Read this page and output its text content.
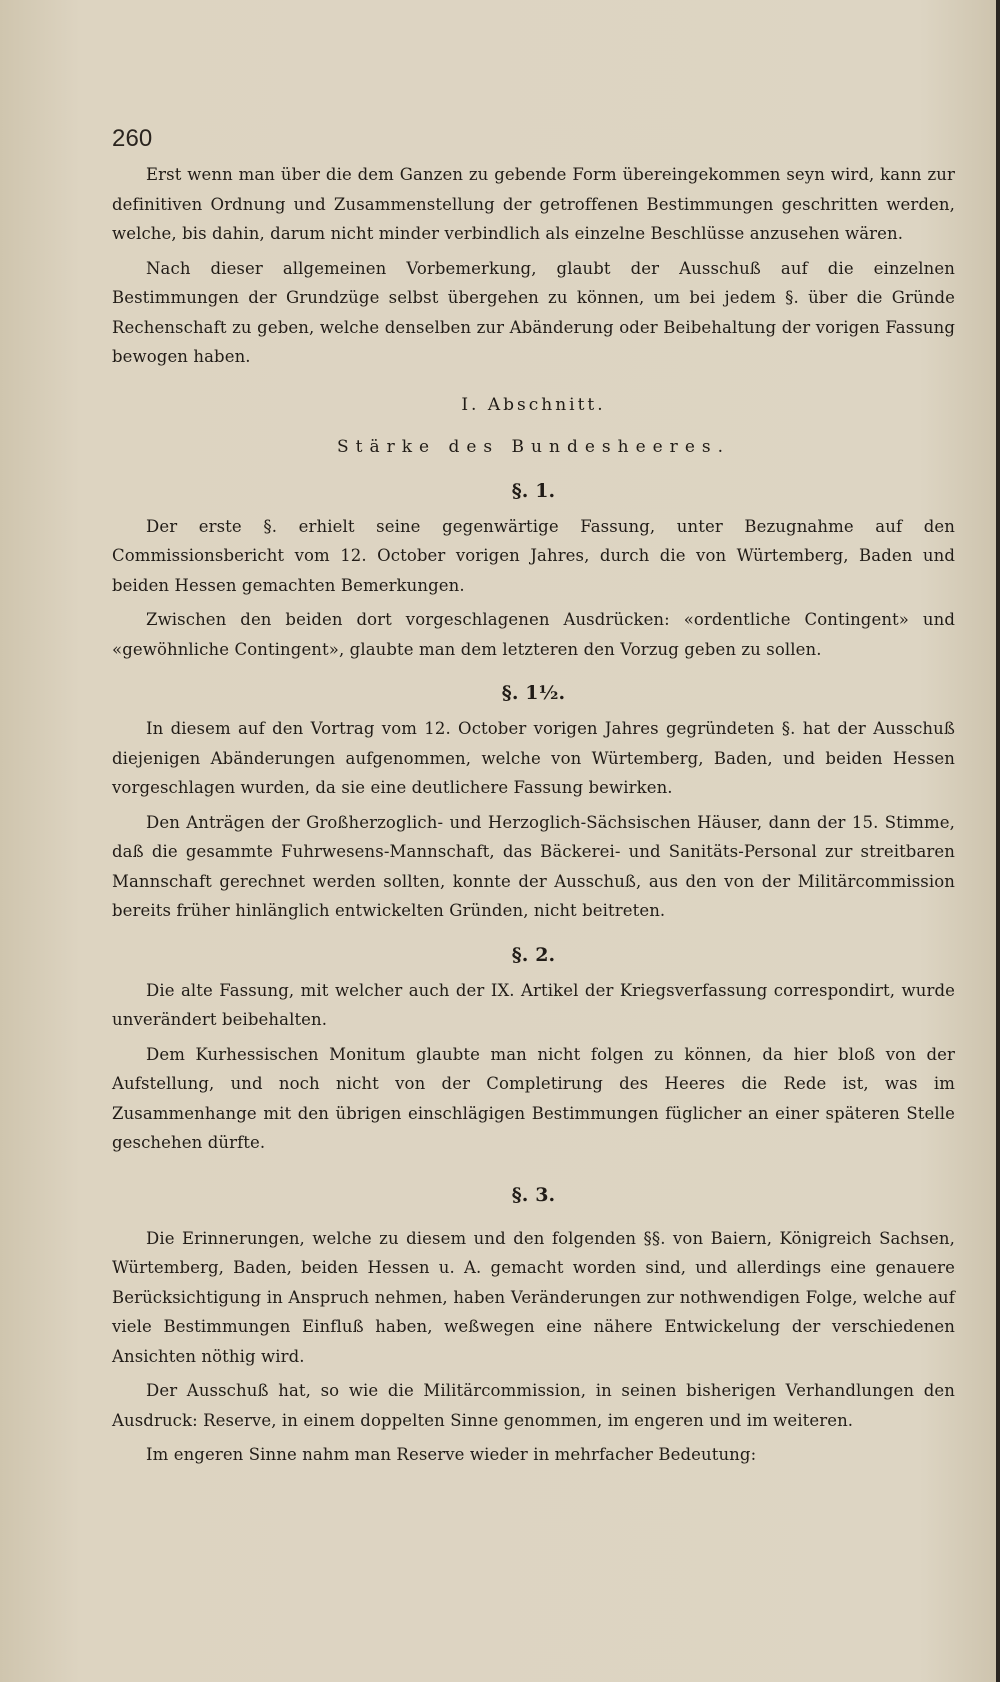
260

Erst wenn man über die dem Ganzen zu gebende Form übereingekommen seyn wird, kann zur definitiven Ordnung und Zusammenstellung der getroffenen Bestimmungen geschritten werden, welche, bis dahin, darum nicht minder verbindlich als einzelne Beschlüsse anzusehen wären.

Nach dieser allgemeinen Vorbemerkung, glaubt der Ausschuß auf die einzelnen Bestimmungen der Grundzüge selbst übergehen zu können, um bei jedem §. über die Gründe Rechenschaft zu geben, welche denselben zur Abänderung oder Beibehaltung der vorigen Fassung bewogen haben.

I. Abschnitt.
Stärke des Bundesheeres.
§. 1.

Der erste §. erhielt seine gegenwärtige Fassung, unter Bezugnahme auf den Commissionsbericht vom 12. October vorigen Jahres, durch die von Würtemberg, Baden und beiden Hessen gemachten Bemerkungen.

Zwischen den beiden dort vorgeschlagenen Ausdrücken: «ordentliche Contingent» und «gewöhnliche Contingent», glaubte man dem letzteren den Vorzug geben zu sollen.

§. 1½.

In diesem auf den Vortrag vom 12. October vorigen Jahres gegründeten §. hat der Ausschuß diejenigen Abänderungen aufgenommen, welche von Würtemberg, Baden, und beiden Hessen vorgeschlagen wurden, da sie eine deutlichere Fassung bewirken.

Den Anträgen der Großherzoglich- und Herzoglich-Sächsischen Häuser, dann der 15. Stimme, daß die gesammte Fuhrwesens-Mannschaft, das Bäckerei- und Sanitäts-Personal zur streitbaren Mannschaft gerechnet werden sollten, konnte der Ausschuß, aus den von der Militärcommission bereits früher hinlänglich entwickelten Gründen, nicht beitreten.

§. 2.

Die alte Fassung, mit welcher auch der IX. Artikel der Kriegsverfassung correspondirt, wurde unverändert beibehalten.

Dem Kurhessischen Monitum glaubte man nicht folgen zu können, da hier bloß von der Aufstellung, und noch nicht von der Completirung des Heeres die Rede ist, was im Zusammenhange mit den übrigen einschlägigen Bestimmungen füglicher an einer späteren Stelle geschehen dürfte.

§. 3.

Die Erinnerungen, welche zu diesem und den folgenden §§. von Baiern, Königreich Sachsen, Würtemberg, Baden, beiden Hessen u. A. gemacht worden sind, und allerdings eine genauere Berücksichtigung in Anspruch nehmen, haben Veränderungen zur nothwendigen Folge, welche auf viele Bestimmungen Einfluß haben, weßwegen eine nähere Entwickelung der verschiedenen Ansichten nöthig wird.

Der Ausschuß hat, so wie die Militärcommission, in seinen bisherigen Verhandlungen den Ausdruck: Reserve, in einem doppelten Sinne genommen, im engeren und im weiteren.

Im engeren Sinne nahm man Reserve wieder in mehrfacher Bedeutung:
